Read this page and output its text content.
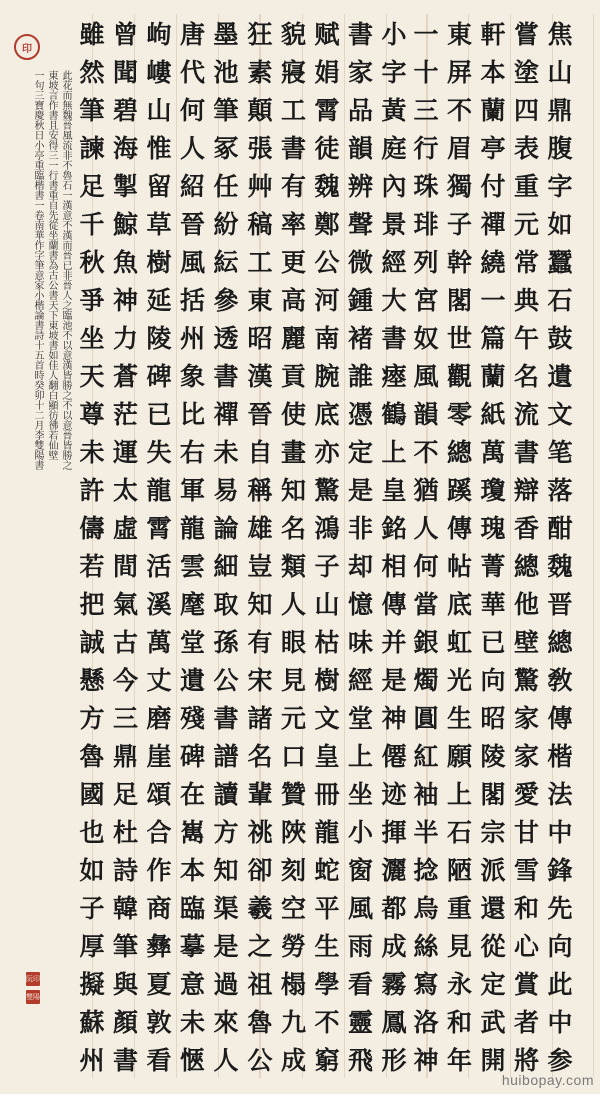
焦
山
鼎
腹
字
如
蠶
石
鼓
遺
文
笔
落
酣
魏
晋
總
敎
傳
楷
法
中
鋒
先
向
此
中
参
嘗
塗
四
表
重
元
常
典
午
名
流
書
辯
香
總
他
壁
驚
家
家
愛
甘
雪
和
心
賞
者
將
軒
本
蘭
亭
付
禪
繞
一
篇
蘭
紙
萬
瓊
瑰
菁
華
已
向
昭
陵
閣
宗
派
還
從
定
武
開
東
屏
不
眉
獨
子
幹
閣
世
觀
零
總
蹊
傳
帖
底
虹
光
生
願
上
石
陋
重
見
永
和
年
一
十
三
行
珠
琲
列
宮
奴
風
韻
不
猶
人
何
當
銀
燭
圓
紅
袖
半
捻
烏
絲
寫
洛
神
小
字
黃
庭
內
景
經
大
書
瘞
鶴
上
皇
銘
相
傳
并
是
神
僊
迹
揮
灑
都
成
霧
鳳
形
書
家
品
韻
辨
聲
微
鍾
褚
誰
憑
定
是
非
却
憶
味
經
堂
上
坐
小
窗
風
雨
看
靈
飛
赋
娟
霄
徒
魏
鄭
公
河
南
腕
底
亦
驚
鴻
子
山
枯
樹
文
皇
冊
龍
蛇
平
生
學
不
窮
貌
寢
工
書
有
率
更
高
麗
貢
使
畫
知
名
類
人
眼
見
元
口
贊
陜
刻
空
勞
榻
九
成
狂
素
顛
張
艸
稿
工
東
昭
漢
晉
自
稱
雄
豈
知
有
宋
諸
名
輩
祧
卻
羲
之
祖
魯
公
墨
池
筆
冢
任
紛
紜
參
透
書
禪
未
易
論
細
取
孫
公
書
譜
讀
方
知
渠
是
過
來
人
唐
代
何
人
紹
晉
風
括
州
象
比
右
軍
龍
雲
麾
堂
遺
殘
碑
在
嶲
本
臨
摹
意
未
愜
岣
嶁
山
惟
留
草
樹
延
陵
碑
已
失
龍
霄
活
溪
萬
丈
磨
崖
頌
合
作
商
彝
夏
敦
看
曾
聞
碧
海
掣
鯨
魚
神
力
蒼
茫
運
太
虛
間
氣
古
今
三
鼎
足
杜
詩
韓
筆
與
顏
書
雖
然
筆
諫
足
千
秋
爭
坐
天
尊
未
許
儔
若
把
誠
懸
方
魯
國
也
如
子
厚
擬
蘇
州
此花而無魏晉風流非不魯石一漢意不漢而晉已非晉人之臨池不以意漢皆勝之不以意晉皆勝之
東坡言作書且安得三一行書重自先從坐蘭書為古公書天下東坡書如佳人翻白顯彷彿若仙壁
一句三寶慶秋日小亭重臨楷書一卷南華作字筆意家小楷論書詩十五首時癸卯十二月李雙陽書
印
阮印
雙陽
huibopay.com
